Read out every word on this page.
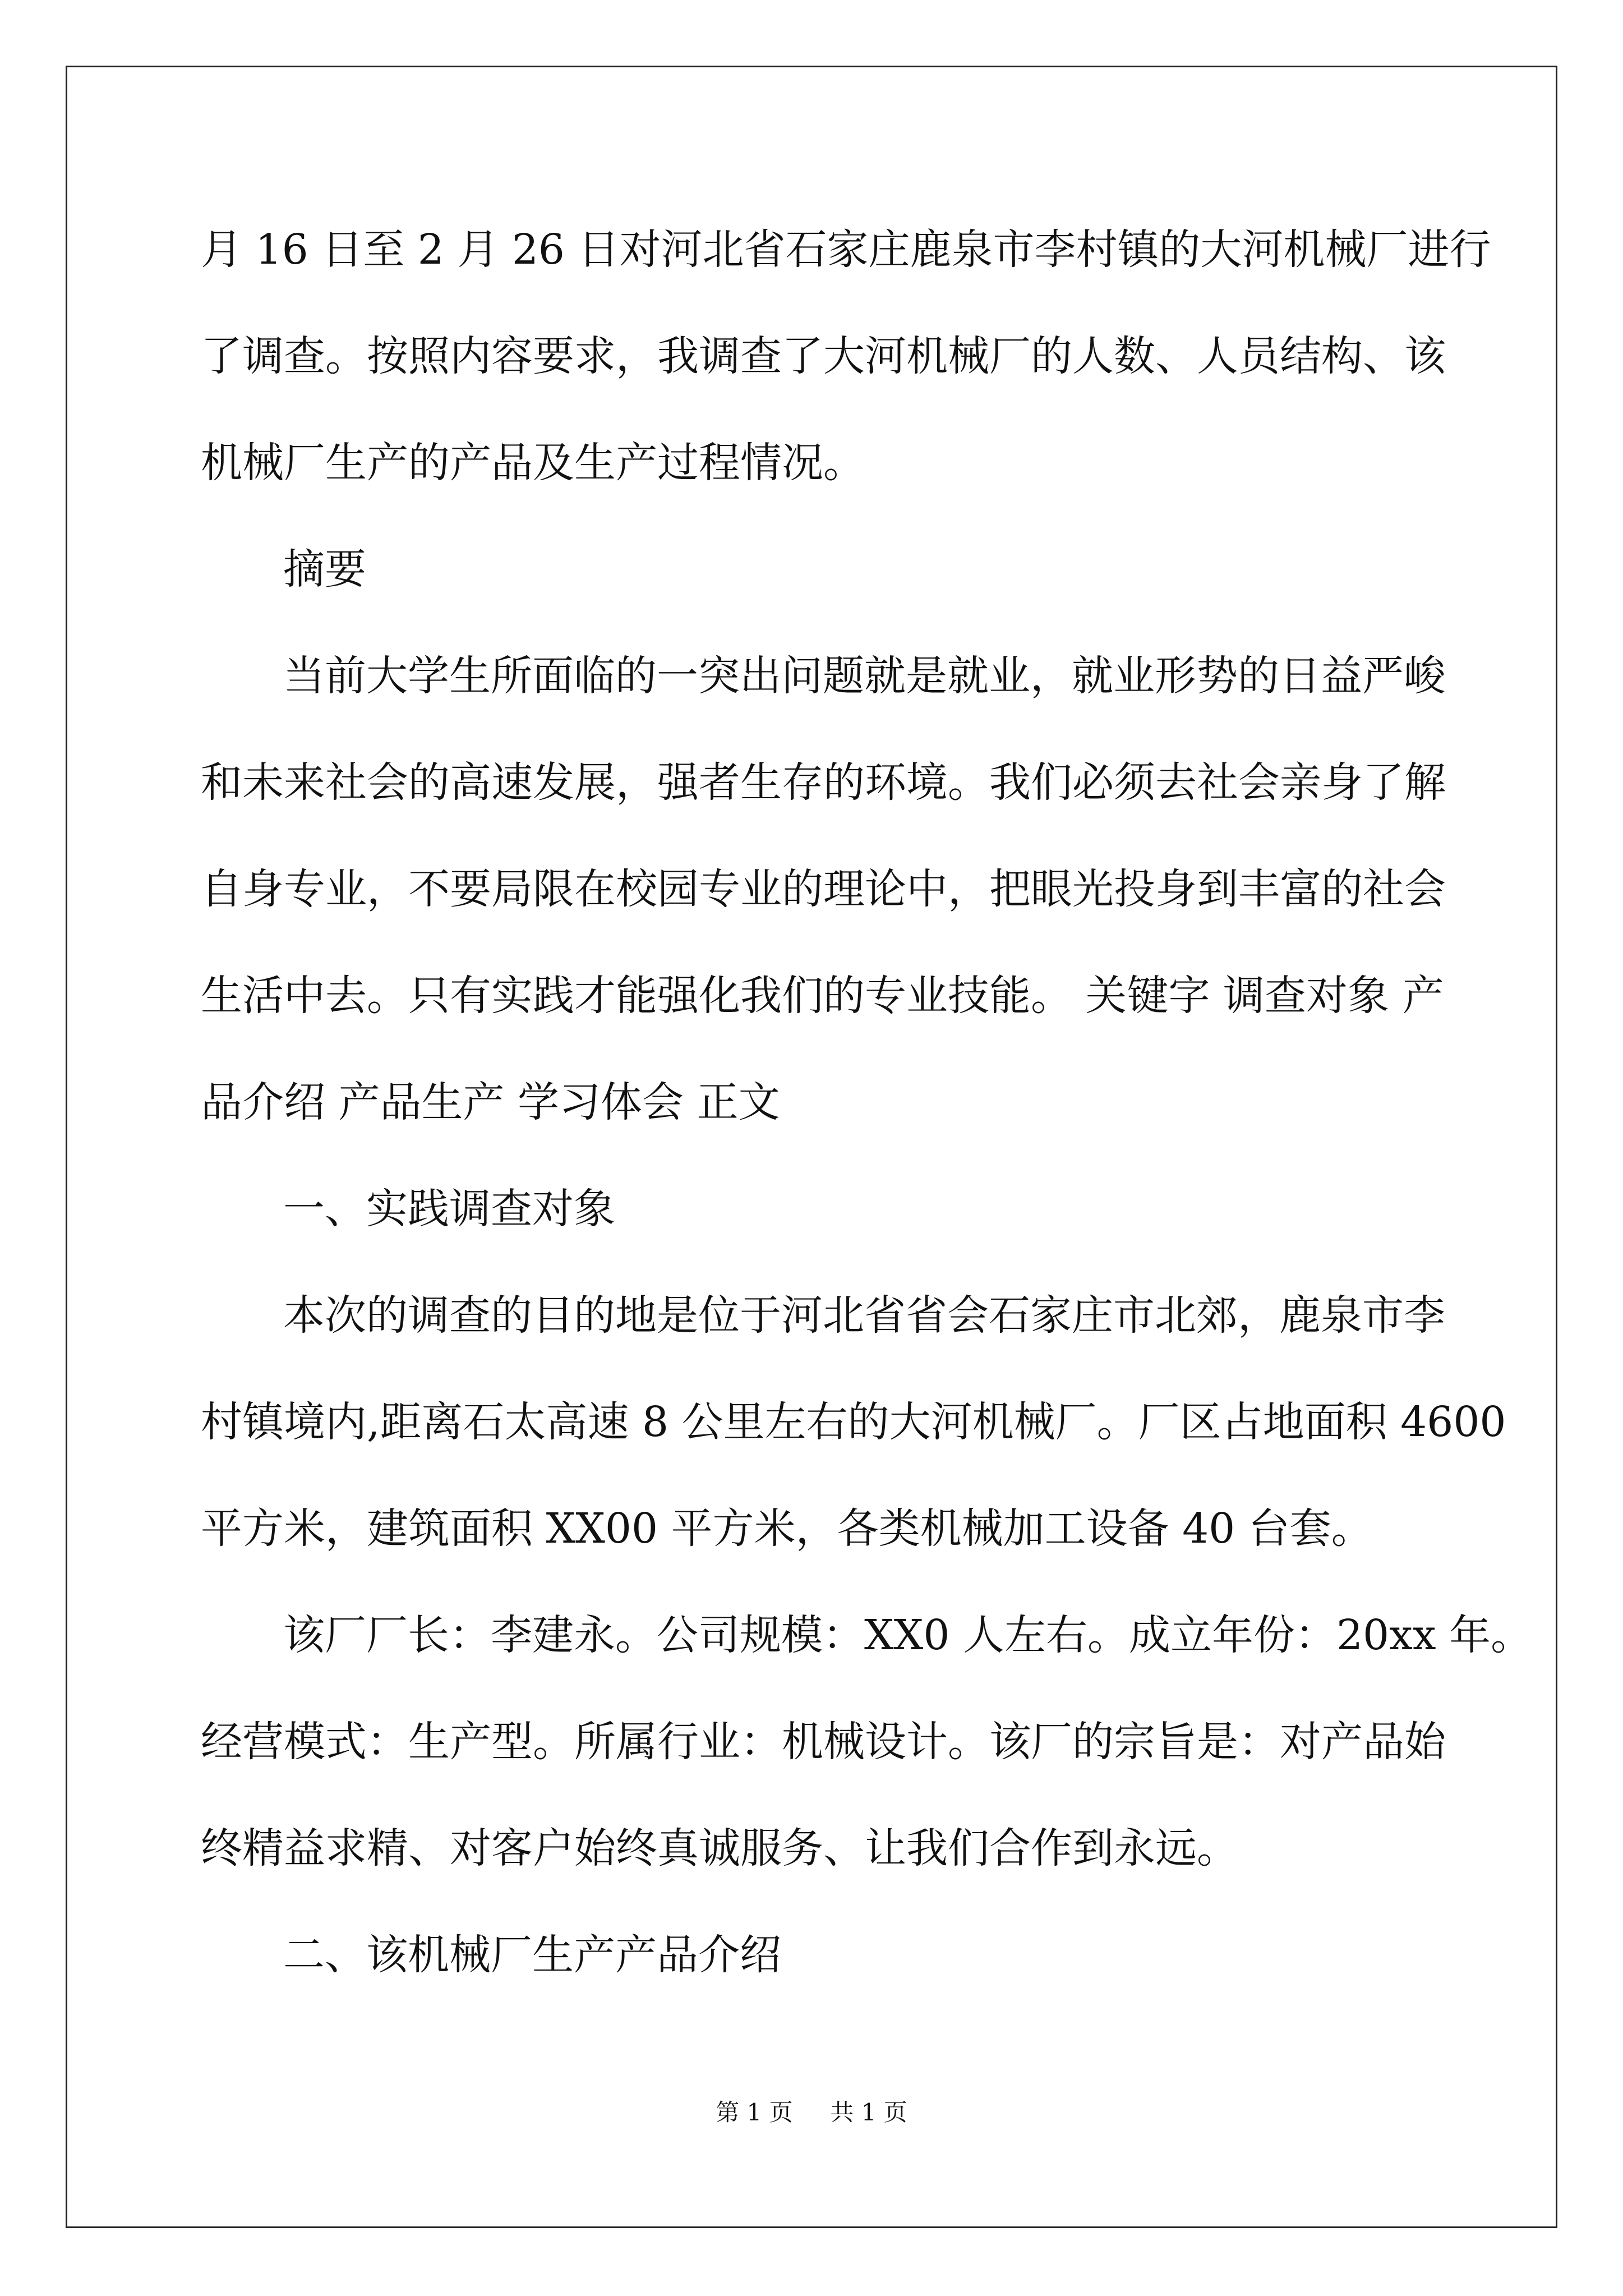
月 16 日至 2 月 26 日对河北省石家庄鹿泉市李村镇的大河机械厂进行
了调查。按照内容要求，我调查了大河机械厂的人数、人员结构、该
机械厂生产的产品及生产过程情况。
摘要
当前大学生所面临的一突出问题就是就业，就业形势的日益严峻
和未来社会的高速发展，强者生存的环境。我们必须去社会亲身了解
自身专业，不要局限在校园专业的理论中，把眼光投身到丰富的社会
生活中去。只有实践才能强化我们的专业技能。 关键字 调查对象 产
品介绍 产品生产 学习体会 正文
一、实践调查对象
本次的调查的目的地是位于河北省省会石家庄市北郊，鹿泉市李
村镇境内,距离石太高速 8 公里左右的大河机械厂。厂区占地面积 4600
平方米，建筑面积 XX00 平方米，各类机械加工设备 40 台套。
该厂厂长：李建永。公司规模：XX0 人左右。成立年份：20xx 年。
经营模式：生产型。所属行业：机械设计。该厂的宗旨是：对产品始
终精益求精、对客户始终真诚服务、让我们合作到永远。
二、该机械厂生产产品介绍
第 1 页 共 1 页
